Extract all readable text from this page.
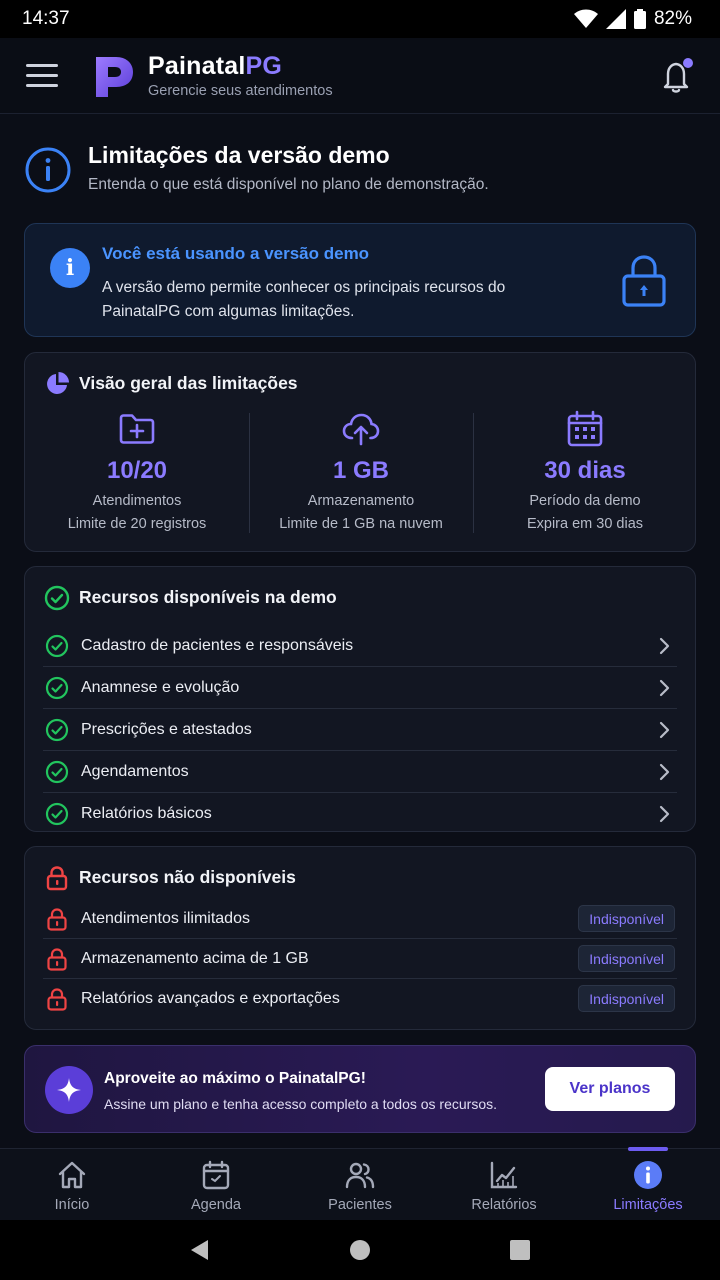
14:37	82%
PainatalPG
Gerencie seus atendimentos
Limitações da versão demo
Entenda o que está disponível no plano de demonstração.
i
Você está usando a versão demo
A versão demo permite conhecer os principais recursos do PainatalPG com algumas limitações.
Visão geral das limitações
10/20
Atendimentos
Limite de 20 registros
1 GB
Armazenamento
Limite de 1 GB na nuvem
30 dias
Período da demo
Expira em 30 dias
Recursos disponíveis na demo
Cadastro de pacientes e responsáveis
Anamnese e evolução
Prescrições e atestados
Agendamentos
Relatórios básicos
Recursos não disponíveis
Atendimentos ilimitados	Indisponível
Armazenamento acima de 1 GB	Indisponível
Relatórios avançados e exportações	Indisponível
Aproveite ao máximo o PainatalPG!
Assine um plano e tenha acesso completo a todos os recursos.
Ver planos
Início	Agenda	Pacientes	Relatórios	Limitações
